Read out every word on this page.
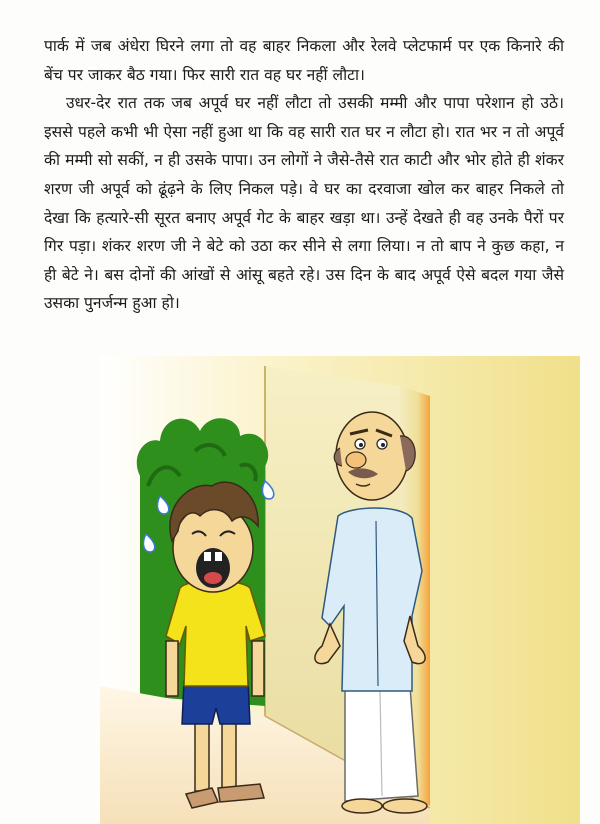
पार्क में जब अंधेरा घिरने लगा तो वह बाहर निकला और रेलवे प्लेटफार्म पर एक किनारे की बेंच पर जाकर बैठ गया। फिर सारी रात वह घर नहीं लौटा।

उधर-देर रात तक जब अपूर्व घर नहीं लौटा तो उसकी मम्मी और पापा परेशान हो उठे। इससे पहले कभी भी ऐसा नहीं हुआ था कि वह सारी रात घर न लौटा हो। रात भर न तो अपूर्व की मम्मी सो सकीं, न ही उसके पापा। उन लोगों ने जैसे-तैसे रात काटी और भोर होते ही शंकर शरण जी अपूर्व को ढूंढ़ने के लिए निकल पड़े। वे घर का दरवाजा खोल कर बाहर निकले तो देखा कि हत्यारे-सी सूरत बनाए अपूर्व गेट के बाहर खड़ा था। उन्हें देखते ही वह उनके पैरों पर गिर पड़ा। शंकर शरण जी ने बेटे को उठा कर सीने से लगा लिया। न तो बाप ने कुछ कहा, न ही बेटे ने। बस दोनों की आंखों से आंसू बहते रहे। उस दिन के बाद अपूर्व ऐसे बदल गया जैसे उसका पुनर्जन्म हुआ हो।
